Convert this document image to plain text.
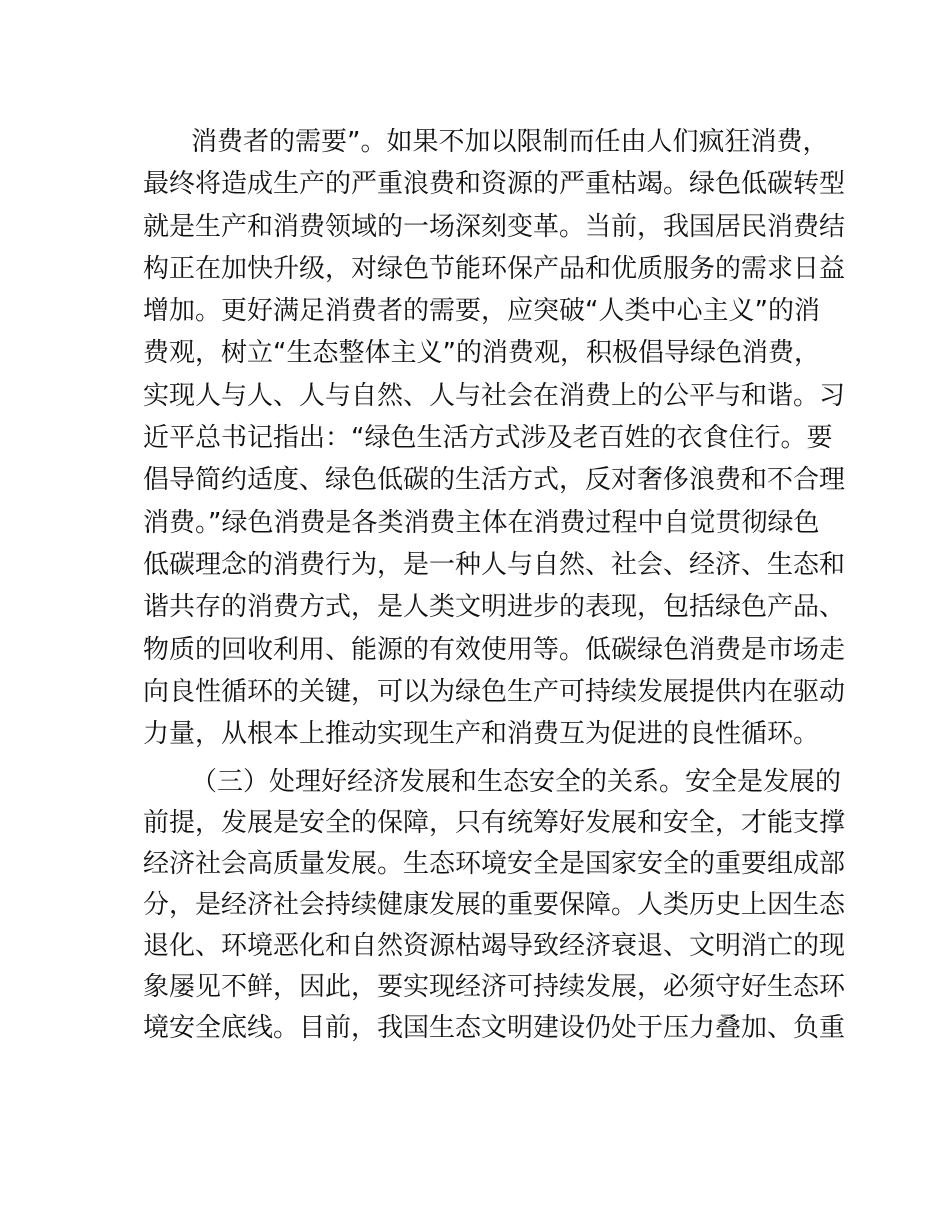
消费者的需要”。如果不加以限制而任由人们疯狂消费，
最终将造成生产的严重浪费和资源的严重枯竭。绿色低碳转型
就是生产和消费领域的一场深刻变革。当前，我国居民消费结
构正在加快升级，对绿色节能环保产品和优质服务的需求日益
增加。更好满足消费者的需要，应突破“人类中心主义”的消
费观，树立“生态整体主义”的消费观，积极倡导绿色消费，
实现人与人、人与自然、人与社会在消费上的公平与和谐。习
近平总书记指出：“绿色生活方式涉及老百姓的衣食住行。要
倡导简约适度、绿色低碳的生活方式，反对奢侈浪费和不合理
消费。”绿色消费是各类消费主体在消费过程中自觉贯彻绿色
低碳理念的消费行为，是一种人与自然、社会、经济、生态和
谐共存的消费方式，是人类文明进步的表现，包括绿色产品、
物质的回收利用、能源的有效使用等。低碳绿色消费是市场走
向良性循环的关键，可以为绿色生产可持续发展提供内在驱动
力量，从根本上推动实现生产和消费互为促进的良性循环。
（三）处理好经济发展和生态安全的关系。安全是发展的
前提，发展是安全的保障，只有统筹好发展和安全，才能支撑
经济社会高质量发展。生态环境安全是国家安全的重要组成部
分，是经济社会持续健康发展的重要保障。人类历史上因生态
退化、环境恶化和自然资源枯竭导致经济衰退、文明消亡的现
象屡见不鲜，因此，要实现经济可持续发展，必须守好生态环
境安全底线。目前，我国生态文明建设仍处于压力叠加、负重
